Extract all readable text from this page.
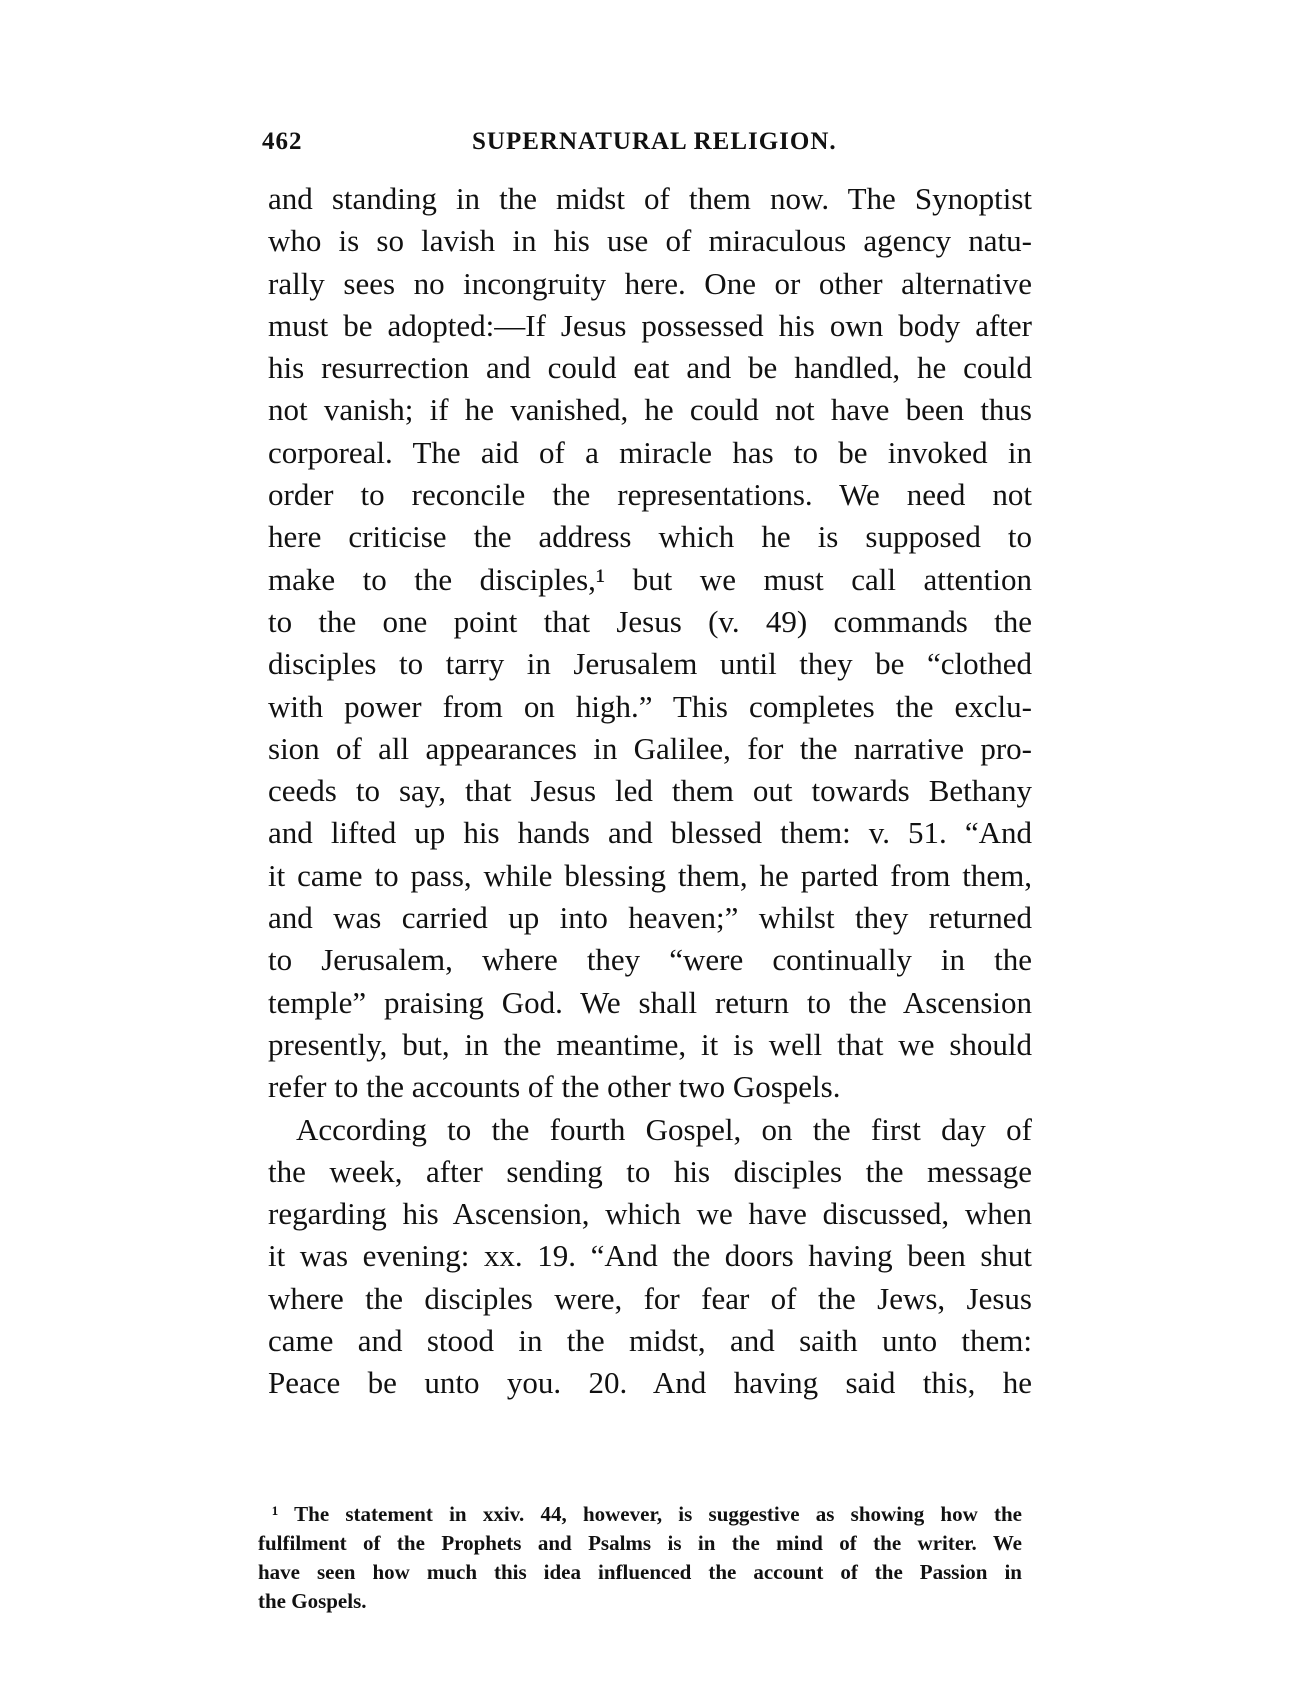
462	SUPERNATURAL RELIGION.
and standing in the midst of them now. The Synoptist
who is so lavish in his use of miraculous agency natu-
rally sees no incongruity here. One or other alternative
must be adopted:—If Jesus possessed his own body after
his resurrection and could eat and be handled, he could
not vanish; if he vanished, he could not have been thus
corporeal. The aid of a miracle has to be invoked in
order to reconcile the representations. We need not
here criticise the address which he is supposed to
make to the disciples,¹ but we must call attention
to the one point that Jesus (v. 49) commands the
disciples to tarry in Jerusalem until they be “clothed
with power from on high.” This completes the exclu-
sion of all appearances in Galilee, for the narrative pro-
ceeds to say, that Jesus led them out towards Bethany
and lifted up his hands and blessed them: v. 51. “And
it came to pass, while blessing them, he parted from them,
and was carried up into heaven;” whilst they returned
to Jerusalem, where they “were continually in the
temple” praising God. We shall return to the Ascension
presently, but, in the meantime, it is well that we should
refer to the accounts of the other two Gospels.
According to the fourth Gospel, on the first day of
the week, after sending to his disciples the message
regarding his Ascension, which we have discussed, when
it was evening: xx. 19. “And the doors having been shut
where the disciples were, for fear of the Jews, Jesus
came and stood in the midst, and saith unto them:
Peace be unto you. 20. And having said this, he
¹ The statement in xxiv. 44, however, is suggestive as showing how the
fulfilment of the Prophets and Psalms is in the mind of the writer. We
have seen how much this idea influenced the account of the Passion in
the Gospels.
